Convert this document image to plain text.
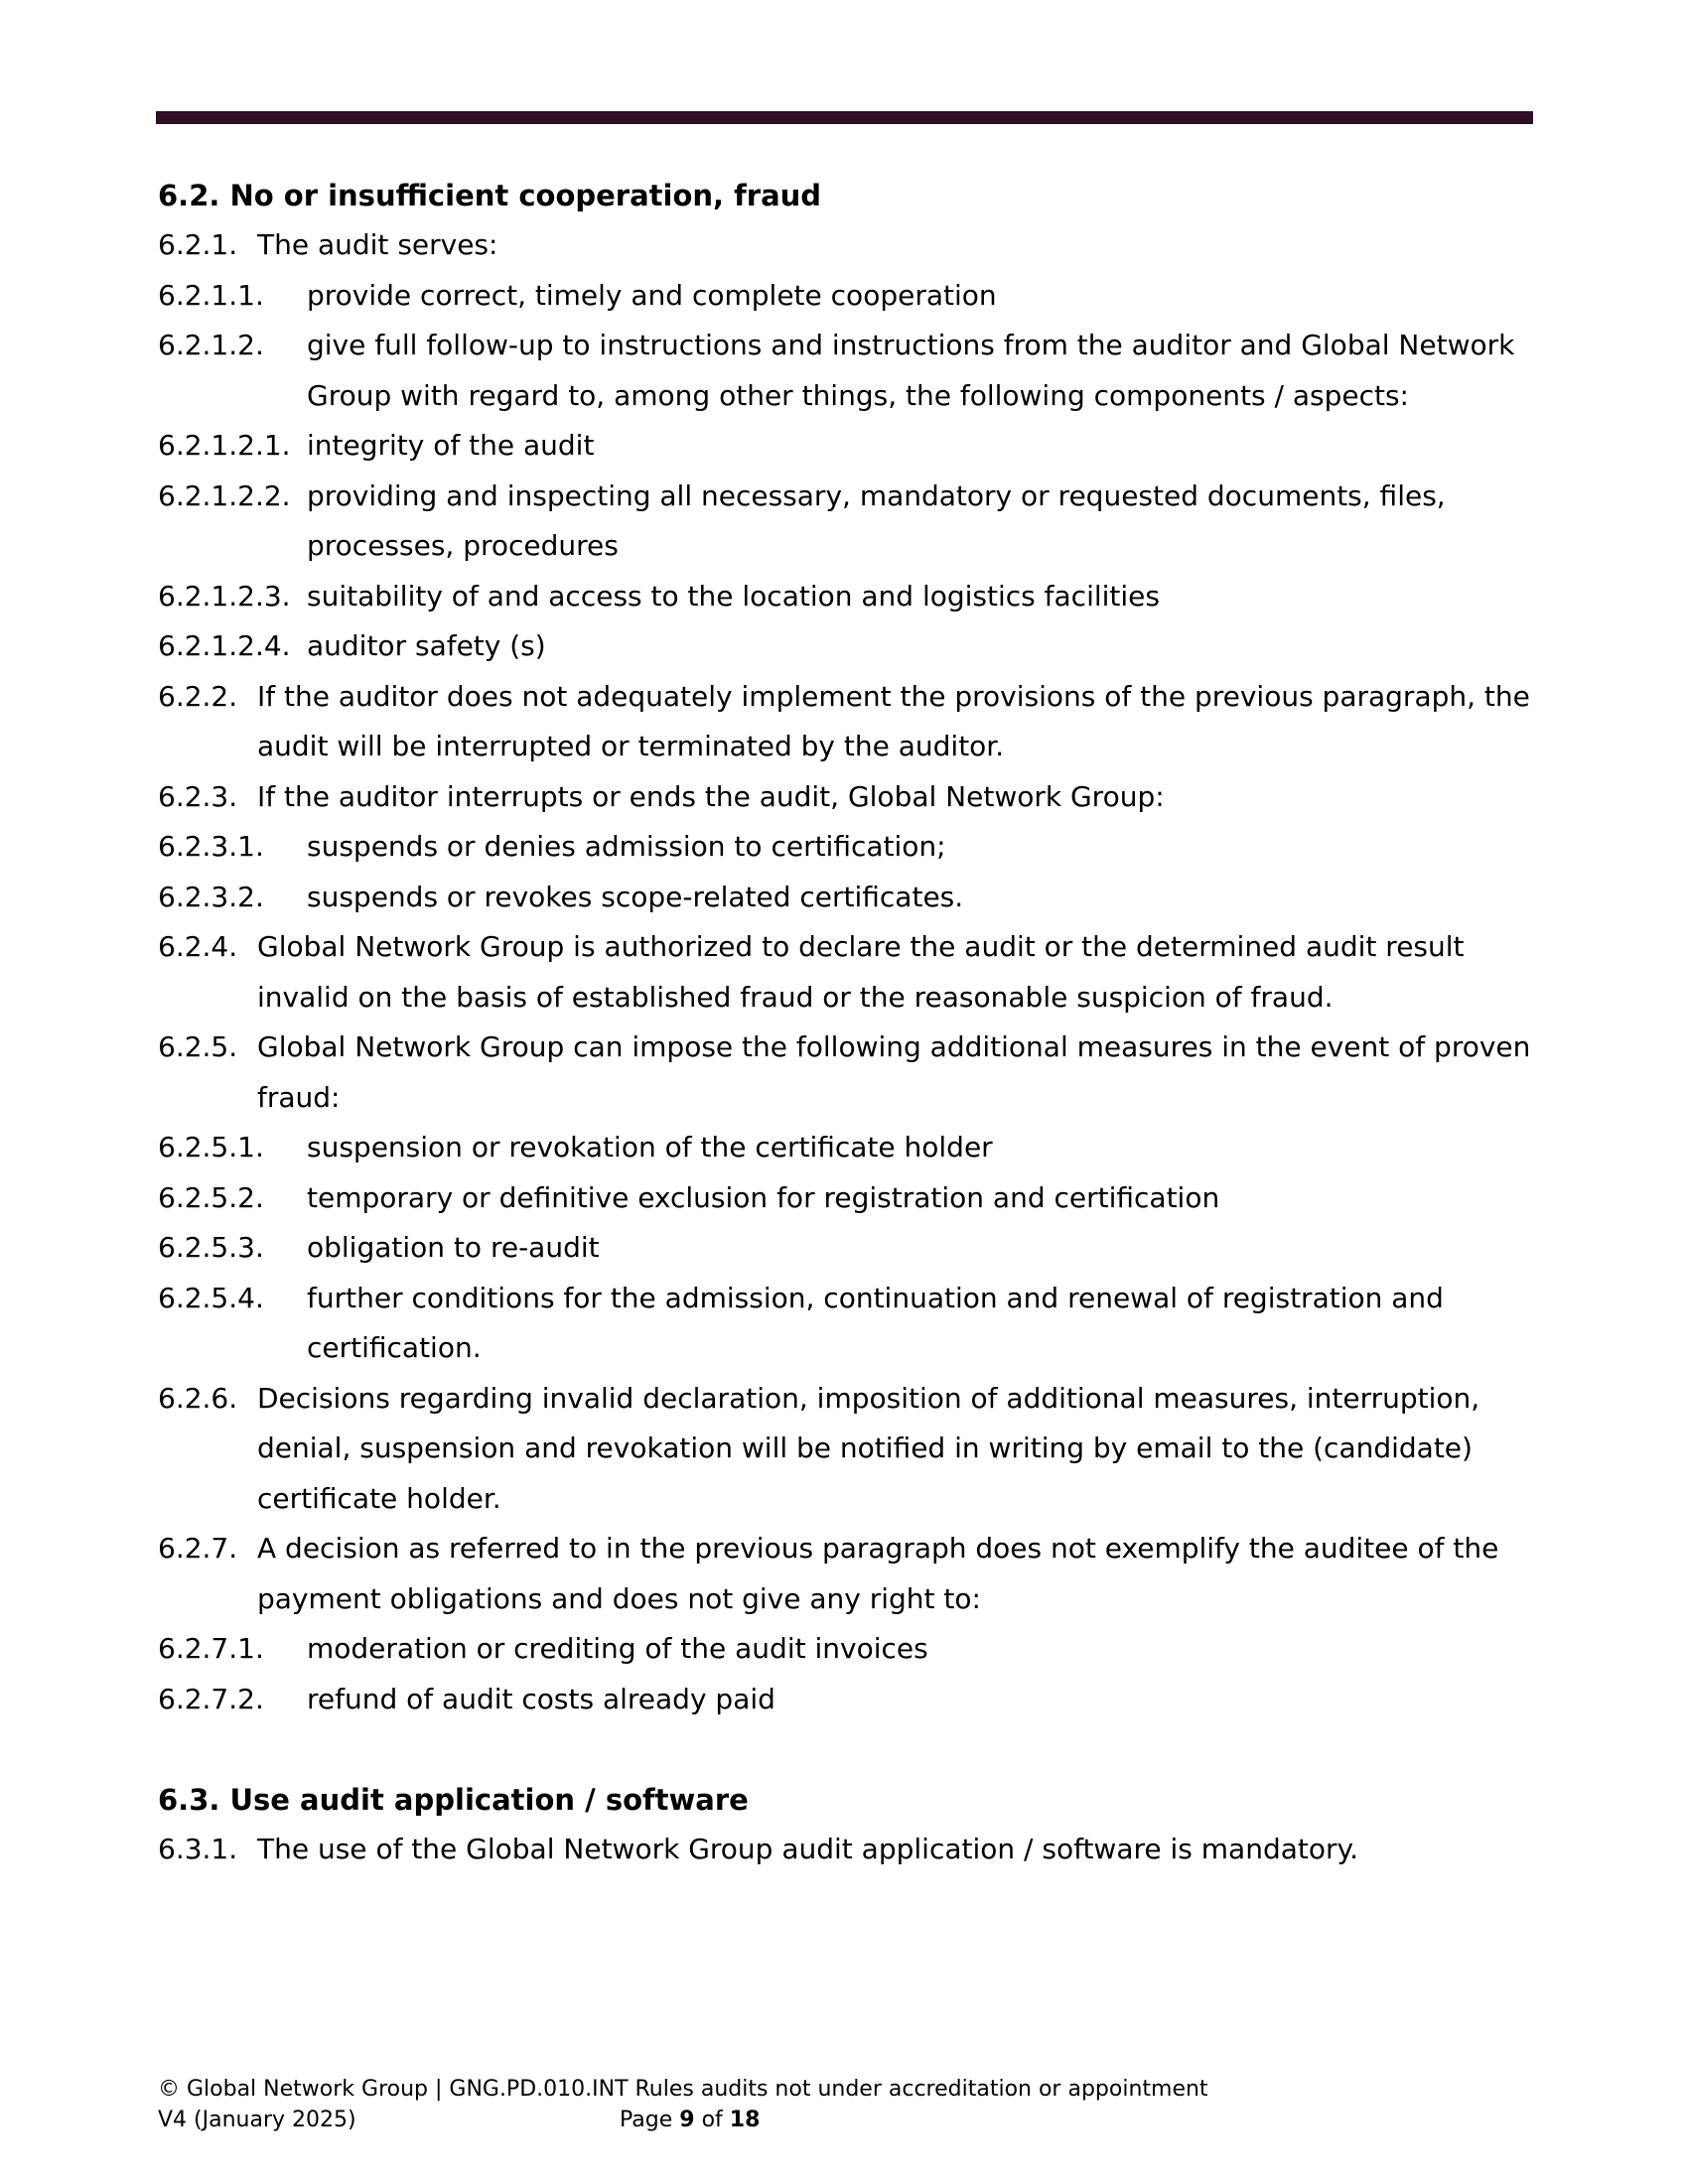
6.2. No or insufficient cooperation, fraud
6.2.1. The audit serves:
6.2.1.1.	provide correct, timely and complete cooperation
6.2.1.2.	give full follow-up to instructions and instructions from the auditor and Global Network Group with regard to, among other things, the following components / aspects:
6.2.1.2.1. integrity of the audit
6.2.1.2.2. providing and inspecting all necessary, mandatory or requested documents, files, processes, procedures
6.2.1.2.3. suitability of and access to the location and logistics facilities
6.2.1.2.4. auditor safety (s)
6.2.2. If the auditor does not adequately implement the provisions of the previous paragraph, the audit will be interrupted or terminated by the auditor.
6.2.3. If the auditor interrupts or ends the audit, Global Network Group:
6.2.3.1.	suspends or denies admission to certification;
6.2.3.2.	suspends or revokes scope-related certificates.
6.2.4. Global Network Group is authorized to declare the audit or the determined audit result invalid on the basis of established fraud or the reasonable suspicion of fraud.
6.2.5. Global Network Group can impose the following additional measures in the event of proven fraud:
6.2.5.1.	suspension or revokation of the certificate holder
6.2.5.2.	temporary or definitive exclusion for registration and certification
6.2.5.3.	obligation to re-audit
6.2.5.4.	further conditions for the admission, continuation and renewal of registration and certification.
6.2.6. Decisions regarding invalid declaration, imposition of additional measures, interruption, denial, suspension and revokation will be notified in writing by email to the (candidate) certificate holder.
6.2.7. A decision as referred to in the previous paragraph does not exemplify the auditee of the payment obligations and does not give any right to:
6.2.7.1.	moderation or crediting of the audit invoices
6.2.7.2.	refund of audit costs already paid
6.3. Use audit application / software
6.3.1. The use of the Global Network Group audit application / software is mandatory.
© Global Network Group | GNG.PD.010.INT Rules audits not under accreditation or appointment
V4 (January 2025)	Page 9 of 18
